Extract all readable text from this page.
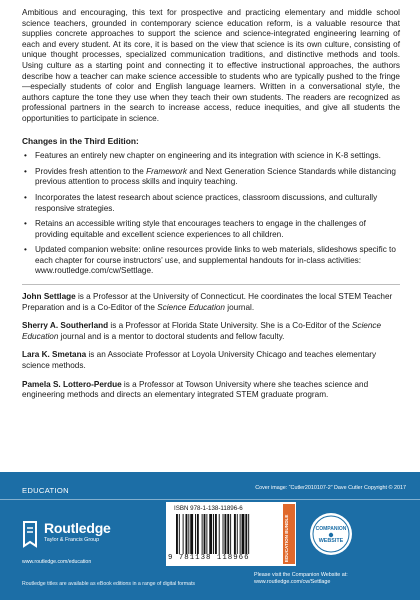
Ambitious and encouraging, this text for prospective and practicing elementary and middle school science teachers, grounded in contemporary science education reform, is a valuable resource that supplies concrete approaches to support the science and science-integrated engineering learning of each and every student. At its core, it is based on the view that science is its own culture, consisting of unique thought processes, specialized communication traditions, and distinctive methods and tools. Using culture as a starting point and connecting it to effective instructional approaches, the authors describe how a teacher can make science accessible to students who are typically pushed to the fringe—especially students of color and English language learners. Written in a conversational style, the authors capture the tone they use when they teach their own students. The readers are recognized as professional partners in the search to increase access, reduce inequities, and give all students the opportunities to participate in science.

Changes in the Third Edition:
• Features an entirely new chapter on engineering and its integration with science in K-8 settings.
• Provides fresh attention to the Framework and Next Generation Science Standards while distancing previous attention to process skills and inquiry teaching.
• Incorporates the latest research about science practices, classroom discussions, and culturally responsive strategies.
• Retains an accessible writing style that encourages teachers to engage in the challenges of providing equitable and excellent science experiences to all children.
• Updated companion website: online resources provide links to web materials, slideshows specific to each chapter for course instructors’ use, and supplemental handouts for in-class activities: www.routledge.com/cw/Settlage.

John Settlage is a Professor at the University of Connecticut. He coordinates the local STEM Teacher Preparation and is a Co-Editor of the Science Education journal.

Sherry A. Southerland is a Professor at Florida State University. She is a Co-Editor of the Science Education journal and is a mentor to doctoral students and fellow faculty.

Lara K. Smetana is an Associate Professor at Loyola University Chicago and teaches elementary science methods.

Pamela S. Lottero-Perdue is a Professor at Towson University where she teaches science and engineering methods and directs an elementary integrated STEM graduate program.

EDUCATION	Cover image: “Cutler2010107-2” Dave Cutler Copyright © 2017
Routledge
Taylor & Francis Group
www.routledge.com/education
Routledge titles are available as eBook editions in a range of digital formats
ISBN 978-1-138-11896-6
9 781138 118966	EDUCATION BUNDLE	COMPANION
WEBSITE
Please visit the Companion Website at:
www.routledge.com/cw/Settlage
